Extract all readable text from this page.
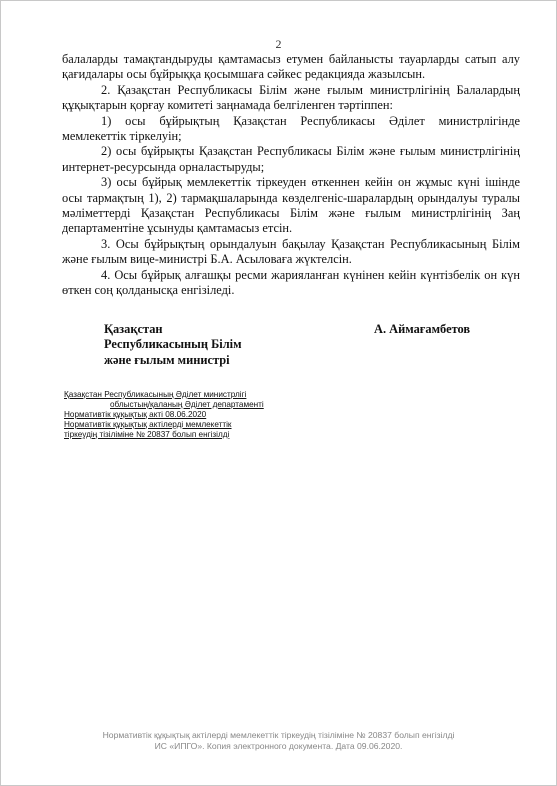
2

балаларды тамақтандыруды қамтамасыз етумен байланысты тауарларды сатып алу қағидалары осы бұйрыққа қосымшаға сәйкес редакцияда жазылсын.

2. Қазақстан Республикасы Білім және ғылым министрлігінің Балалардың құқықтарын қорғау комитеті заңнамада белгіленген тәртіппен:

1) осы бұйрықтың Қазақстан Республикасы Әділет министрлігінде мемлекеттік тіркелуін;

2) осы бұйрықты Қазақстан Республикасы Білім және ғылым министрлігінің интернет-ресурсында орналастыруды;

3) осы бұйрық мемлекеттік тіркеуден өткеннен кейін он жұмыс күні ішінде осы тармақтың 1), 2) тармақшаларында көзделгеніс-шаралардың орындалуы туралы мәліметтерді Қазақстан Республикасы Білім және ғылым министрлігінің Заң департаментіне ұсынуды қамтамасыз етсін.

3. Осы бұйрықтың орындалуын бақылау Қазақстан Республикасының Білім және ғылым вице-министрі Б.А. Асыловаға жүктелсін.

4. Осы бұйрық алғашқы ресми жарияланған күнінен кейін күнтізбелік он күн өткен соң қолданысқа енгізіледі.

Қазақстан
Республикасының Білім
және ғылым министрі
А. Аймағамбетов
Қазақстан Республикасының Әділет министрлігі
облыстың/қаланың Әділет департаменті
Нормативтік құқықтық акті 08.06.2020
Нормативтік құқықтық актілерді мемлекеттік
тіркеудің тізіліміне № 20837 болып енгізілді
Нормативтік құқықтық актілерді мемлекеттік тіркеудің тізіліміне № 20837 болып енгізілді
ИС «ИПГО». Копия электронного документа. Дата 09.06.2020.
